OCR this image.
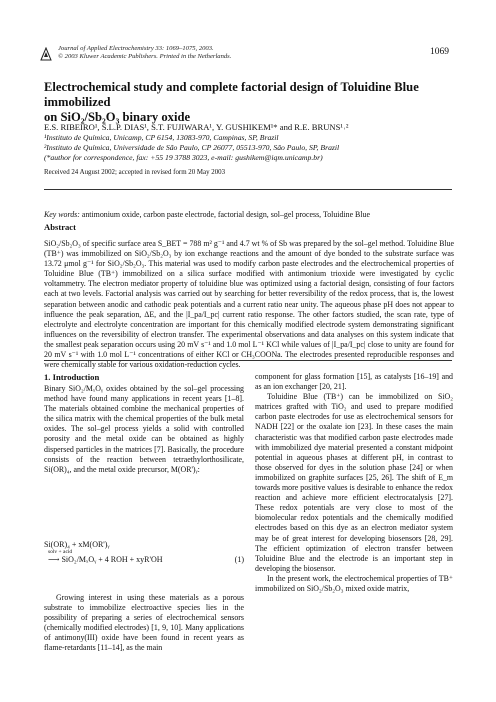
Journal of Applied Electrochemistry 33: 1069–1075, 2003.
© 2003 Kluwer Academic Publishers. Printed in the Netherlands.	1069
Electrochemical study and complete factorial design of Toluidine Blue immobilized
on SiO₂/Sb₂O₃ binary oxide
E.S. RIBEIRO¹, S.L.P. DIAS¹, S.T. FUJIWARA¹, Y. GUSHIKEM¹* and R.E. BRUNS¹˒²
¹Instituto de Química, Unicamp, CP 6154, 13083-970, Campinas, SP, Brazil
²Instituto de Química, Universidade de São Paulo, CP 26077, 05513-970, São Paulo, SP, Brazil
(*author for correspondence, fax: +55 19 3788 3023, e-mail: gushikem@iqm.unicamp.br)
Received 24 August 2002; accepted in revised form 20 May 2003
Key words: antimonium oxide, carbon paste electrode, factorial design, sol–gel process, Toluidine Blue
Abstract
SiO₂/Sb₂O₃ of specific surface area S_BET = 788 m² g⁻¹ and 4.7 wt % of Sb was prepared by the sol–gel method. Toluidine Blue (TB⁺) was immobilized on SiO₂/Sb₂O₃ by ion exchange reactions and the amount of dye bonded to the substrate surface was 13.72 μmol g⁻¹ for SiO₂/Sb₂O₃. This material was used to modify carbon paste electrodes and the electrochemical properties of Toluidine Blue (TB⁺) immobilized on a silica surface modified with antimonium trioxide were investigated by cyclic voltammetry. The electron mediator property of toluidine blue was optimized using a factorial design, consisting of four factors each at two levels. Factorial analysis was carried out by searching for better reversibility of the redox process, that is, the lowest separation between anodic and cathodic peak potentials and a current ratio near unity. The aqueous phase pH does not appear to influence the peak separation, ΔE, and the |I_pa/I_pc| current ratio response. The other factors studied, the scan rate, type of electrolyte and electrolyte concentration are important for this chemically modified electrode system demonstrating significant influences on the reversibility of electron transfer. The experimental observations and data analyses on this system indicate that the smallest peak separation occurs using 20 mV s⁻¹ and 1.0 mol L⁻¹ KCl while values of |I_pa/I_pc| close to unity are found for 20 mV s⁻¹ with 1.0 mol L⁻¹ concentrations of either KCl or CH₃COONa. The electrodes presented reproducible responses and were chemically stable for various oxidation-reduction cycles.
1. Introduction

Binary SiO₂/MₓOᵧ oxides obtained by the sol–gel processing method have found many applications in recent years [1–8]. The materials obtained combine the mechanical properties of the silica matrix with the chemical properties of the bulk metal oxides. The sol–gel process yields a solid with controlled porosity and the metal oxide can be obtained as highly dispersed particles in the matrices [7]. Basically, the procedure consists of the reaction between tetraethylorthosilicate, Si(OR)₄, and the metal oxide precursor, M(OR')ᵧ:

Si(OR)₄ + xM(OR')ᵧ
solv + acid
⟶ SiO₂/MₓOᵧ + 4 ROH + xyR'OH	(1)

Growing interest in using these materials as a porous substrate to immobilize electroactive species lies in the possibility of preparing a series of electrochemical sensors (chemically modified electrodes) [1, 9, 10]. Many applications of antimony(III) oxide have been found in recent years as flame-retardants [11–14], as the main

component for glass formation [15], as catalysts [16–19] and as an ion exchanger [20, 21].

Toluidine Blue (TB⁺) can be immobilized on SiO₂ matrices grafted with TiO₂ and used to prepare modified carbon paste electrodes for use as electrochemical sensors for NADH [22] or the oxalate ion [23]. In these cases the main characteristic was that modified carbon paste electrodes made with immobilized dye material presented a constant midpoint potential in aqueous phases at different pH, in contrast to those observed for dyes in the solution phase [24] or when immobilized on graphite surfaces [25, 26]. The shift of E_m towards more positive values is desirable to enhance the redox reaction and achieve more efficient electrocatalysis [27]. These redox potentials are very close to most of the biomolecular redox potentials and the chemically modified electrodes based on this dye as an electron mediator system may be of great interest for developing biosensors [28, 29]. The efficient optimization of electron transfer between Toluidine Blue and the electrode is an important step in developing the biosensor.

In the present work, the electrochemical properties of TB⁺ immobilized on SiO₂/Sb₂O₃ mixed oxide matrix,
